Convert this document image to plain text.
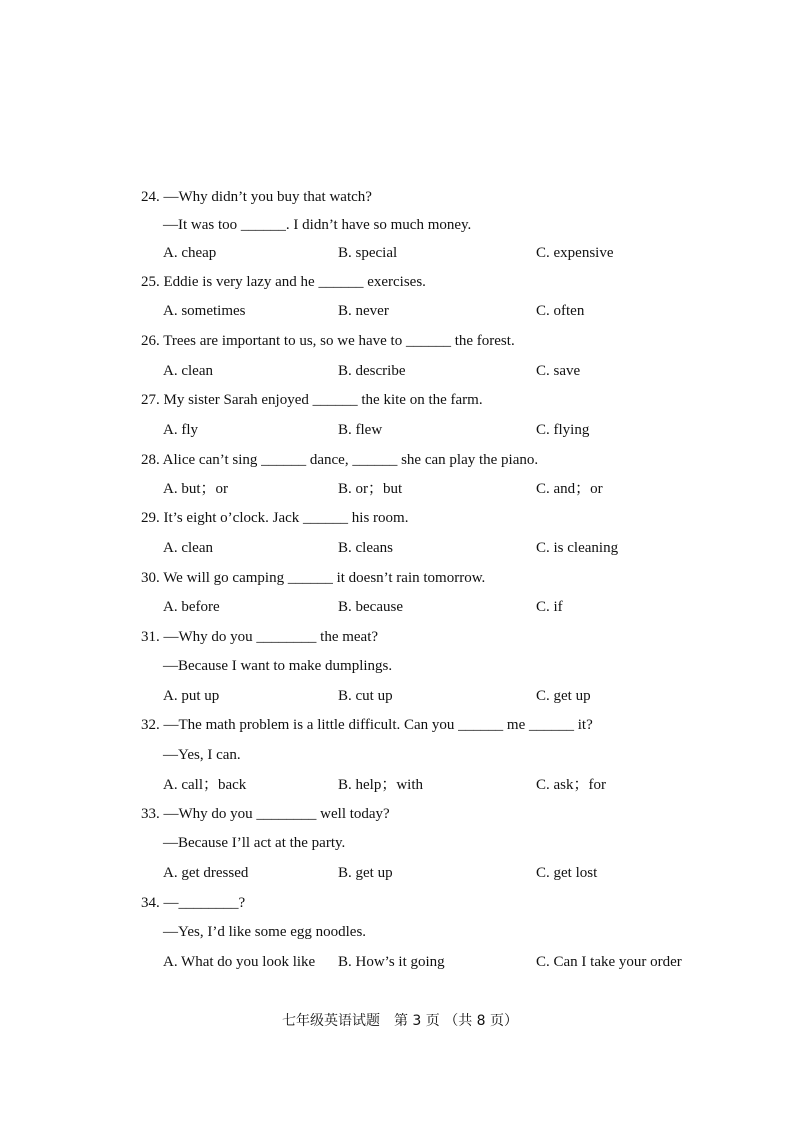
24. —Why didn’t you buy that watch?
—It was too ______. I didn’t have so much money.
A. cheap	B. special	C. expensive
25. Eddie is very lazy and he ______ exercises.
A. sometimes	B. never	C. often
26. Trees are important to us, so we have to ______ the forest.
A. clean	B. describe	C. save
27. My sister Sarah enjoyed ______ the kite on the farm.
A. fly	B. flew	C. flying
28. Alice can’t sing ______ dance, ______ she can play the piano.
A. but；or	B. or；but	C. and；or
29. It’s eight o’clock. Jack ______ his room.
A. clean	B. cleans	C. is cleaning
30. We will go camping ______ it doesn’t rain tomorrow.
A. before	B. because	C. if
31. —Why do you ________ the meat?
—Because I want to make dumplings.
A. put up	B. cut up	C. get up
32. —The math problem is a little difficult. Can you ______ me ______ it?
—Yes, I can.
A. call；back	B. help；with	C. ask；for
33. —Why do you ________ well today?
—Because I’ll act at the party.
A. get dressed	B. get up	C. get lost
34. —________?
—Yes, I’d like some egg noodles.
A. What do you look like B. How’s it going	C. Can I take your order
七年级英语试题　第 3 页 （共 8 页）
